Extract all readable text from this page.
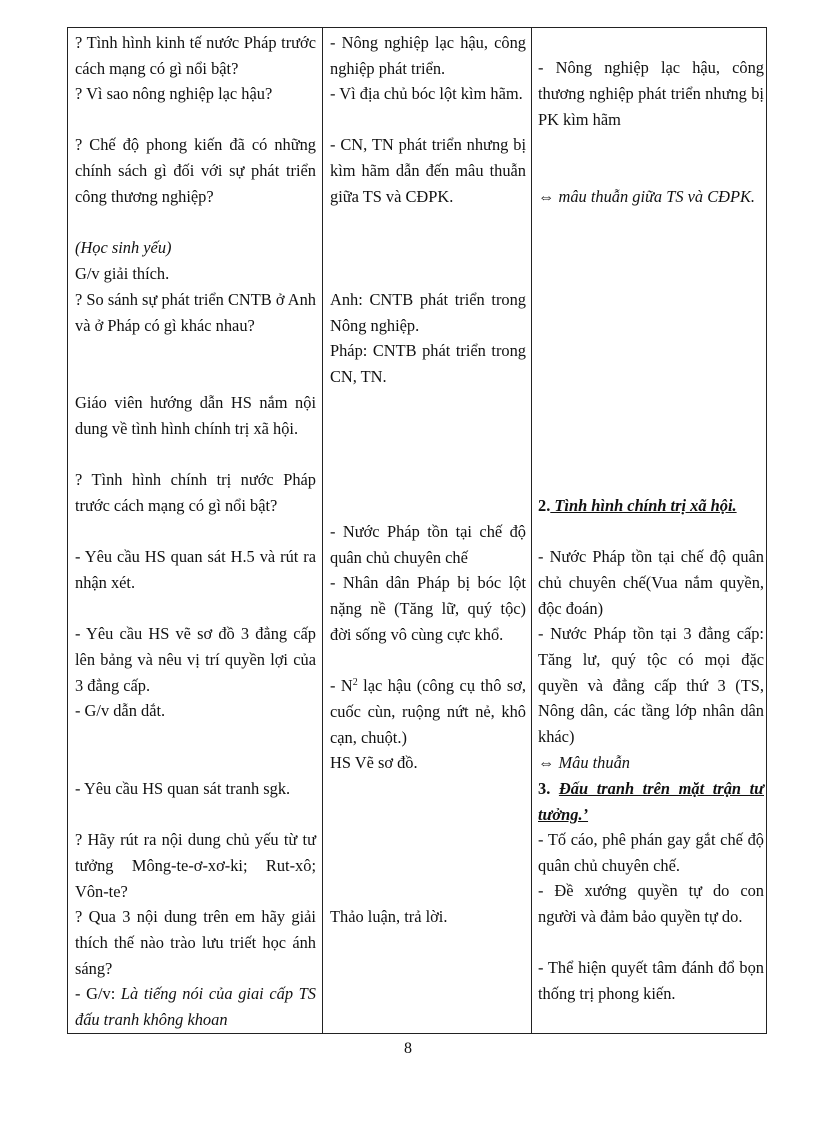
? Tình hình kinh tế nước Pháp trước cách mạng có gì nổi bật?
? Vì sao nông nghiệp lạc hậu?
? Chế độ phong kiến đã có những chính sách gì đối với sự phát triển công thương nghiệp?
(Học sinh yếu)
G/v giải thích.
? So sánh sự phát triển CNTB ở Anh và ở Pháp có gì khác nhau?
Giáo viên hướng dẫn HS nắm nội dung về tình hình chính trị xã hội.
? Tình hình chính trị nước Pháp trước cách mạng có gì nổi bật?
- Yêu cầu HS quan sát H.5 và rút ra nhận xét.
- Yêu cầu HS vẽ sơ đồ 3 đẳng cấp lên bảng và nêu vị trí quyền lợi của 3 đẳng cấp.
- G/v dẫn dắt.
- Yêu cầu HS quan sát tranh sgk.
? Hãy rút ra nội dung chủ yếu từ tư tưởng Mông-te-ơ-xơ-ki; Rut-xô; Vôn-te?
? Qua 3 nội dung trên em hãy giải thích thế nào trào lưu triết học ánh sáng?
- G/v: Là tiếng nói của giai cấp TS đấu tranh không khoan
- Nông nghiệp lạc hậu, công nghiệp phát triển.
- Vì địa chủ bóc lột kìm hãm.
- CN, TN phát triển nhưng bị kìm hãm dẫn đến mâu thuẫn giữa TS và CĐPK.
Anh: CNTB phát triển trong Nông nghiệp.
Pháp: CNTB phát triển trong CN, TN.
- Nước Pháp tồn tại chế độ quân chủ chuyên chế
- Nhân dân Pháp bị bóc lột nặng nề (Tăng lữ, quý tộc) đời sống vô cùng cực khổ.
- $N^2$ lạc hậu (công cụ thô sơ, cuốc cùn, ruộng nứt nẻ, khô cạn, chuột.)
HS Vẽ sơ đồ.
Thảo luận, trả lời.
- Nông nghiệp lạc hậu, công thương nghiệp phát triển nhưng bị PK kìm hãm
⇔ mâu thuẫn giữa TS và CĐPK.
2. Tình hình chính trị xã hội.
- Nước Pháp tồn tại chế độ quân chủ chuyên chế(Vua nắm quyền, độc đoán)
- Nước Pháp tồn tại 3 đẳng cấp: Tăng lư, quý tộc có mọi đặc quyền và đẳng cấp thứ 3 (TS, Nông dân, các tầng lớp nhân dân khác)
⇔ Mâu thuẫn
3. Đấu tranh trên mặt trận tư tưởng.’
- Tố cáo, phê phán gay gắt chế độ quân chủ chuyên chế.
- Đề xướng quyền tự do con người và đảm bảo quyền tự do.
- Thể hiện quyết tâm đánh đổ bọn thống trị phong kiến.
8
